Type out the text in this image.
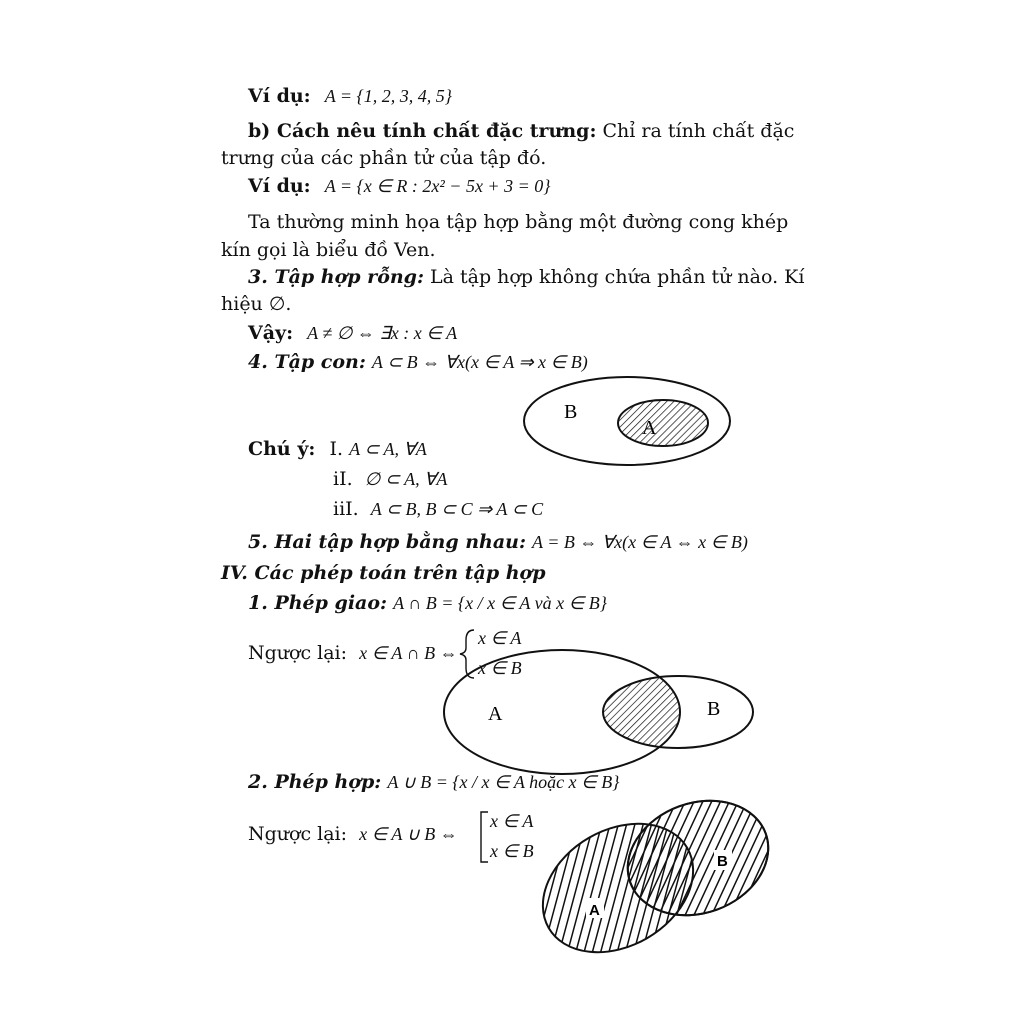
Ví dụ: A = {1, 2, 3, 4, 5}
b) Cách nêu tính chất đặc trưng: Chỉ ra tính chất đặc
trưng của các phần tử của tập đó.
Ví dụ: A = {x ∈ R : 2x² − 5x + 3 = 0}
Ta thường minh họa tập hợp bằng một đường cong khép
kín gọi là biểu đồ Ven.
3. Tập hợp rỗng: Là tập hợp không chứa phần tử nào. Kí
hiệu ∅.
Vậy: A ≠ ∅ ⇔ ∃x : x ∈ A
4. Tập con: A ⊂ B ⇔ ∀x(x ∈ A ⇒ x ∈ B)
Chú ý: I. A ⊂ A, ∀A
iI. ∅ ⊂ A, ∀A
iiI. A ⊂ B, B ⊂ C ⇒ A ⊂ C
5. Hai tập hợp bằng nhau: A = B ⇔ ∀x(x ∈ A ⇔ x ∈ B)
IV. Các phép toán trên tập hợp
1. Phép giao: A ∩ B = {x / x ∈ A và x ∈ B}
Ngược lại: x ∈ A ∩ B ⇔
x ∈ A
x ∈ B
2. Phép hợp: A ∪ B = {x / x ∈ A hoặc x ∈ B}
Ngược lại: x ∈ A ∪ B ⇔
x ∈ A
x ∈ B
B
A
A	B
A
B
